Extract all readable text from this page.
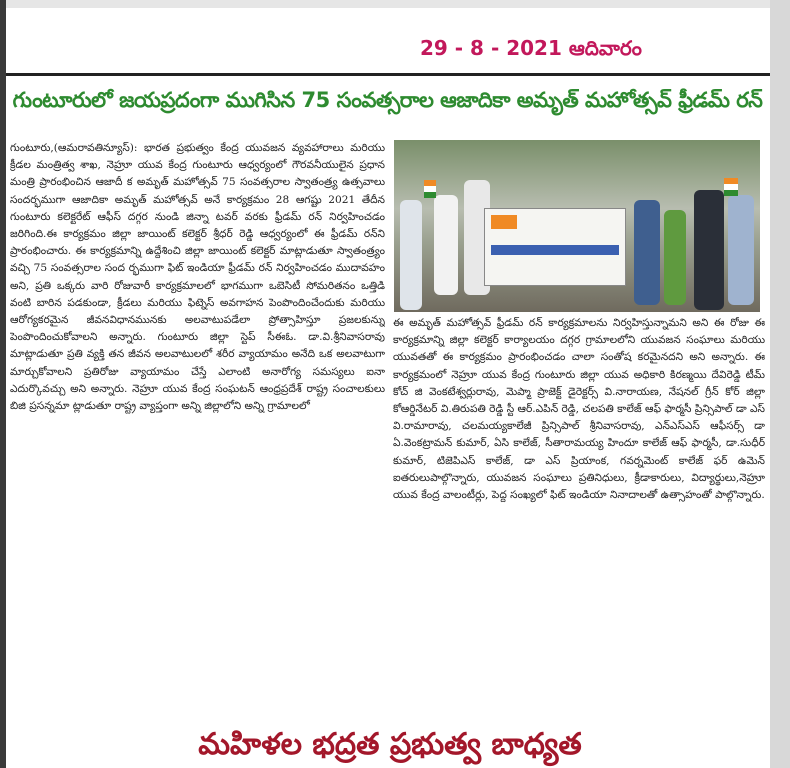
29 - 8 - 2021 ఆదివారం
గుంటూరులో జయప్రదంగా ముగిసిన 75 సంవత్సరాల ఆజాదికా అమృత్ మహోత్సవ్ ఫ్రీడమ్ రన్
గుంటూరు,(ఆమరావతిన్యూస్): భారత ప్రభుత్వం కేంద్ర యువజన వ్యవహారాలు మరియు క్రీడల మంత్రిత్వ శాఖ, నెహ్రూ యువ కేంద్ర గుంటూరు ఆధ్వర్యంలో గౌరవనీయులైన ప్రధాన మంత్రి ప్రారంభించిన ఆజాదీ క అమృత్ మహోత్సవ్ 75 సంవత్సరాల స్వాతంత్ర్య ఉత్సవాలు సందర్భముగా ఆజాదికా అమృత్ మహోత్సవ్ అనే కార్యక్రమం 28 ఆగష్టు 2021 తేదీన గుంటూరు కలెక్టరేట్ ఆఫీస్ దగ్గర నుండి జిన్నా టవర్ వరకు ఫ్రీడమ్ రన్ నిర్వహించడం జరిగింది.ఈ కార్యక్రమం జిల్లా జాయింట్ కలెక్టర్ శ్రీధర్ రెడ్డి ఆధ్వర్యంలో ఈ ఫ్రీడమ్ రన్‌ని ప్రారంభించారు. ఈ కార్యక్రమాన్ని ఉద్దేశించి జిల్లా జాయింట్ కలెక్టర్ మాట్లాడుతూ స్వాతంత్ర్యం వచ్చి 75 సంవత్సరాల సంద ర్భముగా ఫిట్ ఇండియా ఫ్రీడమ్ రన్ నిర్వహించడం ముదావహం అని, ప్రతి ఒక్కరు వారి రోజువారీ కార్యక్రమాలలో భాగముగా ఒబెసిటీ సోమరితనం ఒత్తిడి వంటి బారిన పడకుండా, క్రీడలు మరియు ఫిట్నెస్ అవగాహన పెంపొందించేందుకు మరియు ఆరోగ్యకరమైన జీవనవిధానమునకు అలవాటుపడేలా ప్రోత్సాహిస్తూ ప్రజలకున్ను పెంపొందించుకోవాలని అన్నారు. గుంటూరు జిల్లా స్టెప్ సీఈఓ. డా.వి.శ్రీనివాసరావు మాట్లాడుతూ ప్రతి వ్యక్తి తన జీవన అలవాటులలో శరీర వ్యాయామం అనేది ఒక అలవాటుగా మార్చుకోవాలని ప్రతిరోజు వ్యాయామం చేస్తే ఎలాంటి అనారోగ్య సమస్యలు ఐనా ఎదుర్కొవచ్చు అని అన్నారు. నెహ్రూ యువ కేంద్ర సంఘటన్ ఆంధ్రప్రదేశ్ రాష్ట్ర సంచాలకులు బిజి ప్రసన్నమా ట్లాడుతూ రాష్ట్ర వ్యాప్తంగా అన్ని జిల్లాలోని అన్ని గ్రామాలలో
ఈ అమృత్ మహోత్సవ్ ఫ్రీడమ్ రన్ కార్యక్రమాలను నిర్వహిస్తున్నామని అని ఈ రోజు ఈ కార్యక్రమాన్ని జిల్లా కలెక్టర్ కార్యాలయం దగ్గర గ్రామాలలోని యువజన సంఘాలు మరియు యువతతో ఈ కార్యక్రమం ప్రారంభించడం చాలా సంతోష కరమైనదని అని అన్నారు. ఈ కార్యక్రమంలో నెహ్రూ యువ కేంద్ర గుంటూరు జిల్లా యువ అధికారి కిరణ్మయి దేవిరెడ్డి టీమ్ కోచ్ జి వెంకటేశ్వర్లురావు, మెప్మా ప్రాజెక్ట్ డైరెక్టర్స్ వి.నారాయణ, నేషనల్ గ్రీన్ కోర్ జిల్లా కోఆర్డినేటర్ వి.తిరుపతి రెడ్డి స్టీ ఆర్.ఎపిన్ రెడ్డి, చలపతి కాలేజ్ ఆఫ్ ఫార్మసీ ప్రిన్సిపాల్ డా ఎస్ వి.రామారావు, చలమయ్యకాలేజీ ప్రిన్సిపాల్ శ్రీనివాసరావు, ఎన్ఎస్ఎస్ ఆఫీసర్స్ డా ఏ.వెంకట్రామన్ కుమార్, ఏసి కాలేజ్, సీతారామయ్య హిందూ కాలేజ్ ఆఫ్ ఫార్మసీ, డా.సుధీర్ కుమార్, టిజెపిఎస్ కాలేజ్, డా ఎస్ ప్రియాంక, గవర్నమెంట్ కాలేజ్ ఫర్ ఉమెన్ ఐతరులుపాల్గొన్నారు, యువజన సంఘాలు ప్రతినిధులు, క్రీడాకారులు, విద్యార్థులు,నెహ్రూ యువ కేంద్ర వాలంటీర్లు, పెద్ద సంఖ్యలో ఫిట్ ఇండియా నినాదాలతో ఉత్సాహంతో పాల్గొన్నారు.
మహిళల భద్రత ప్రభుత్వ బాధ్యత
